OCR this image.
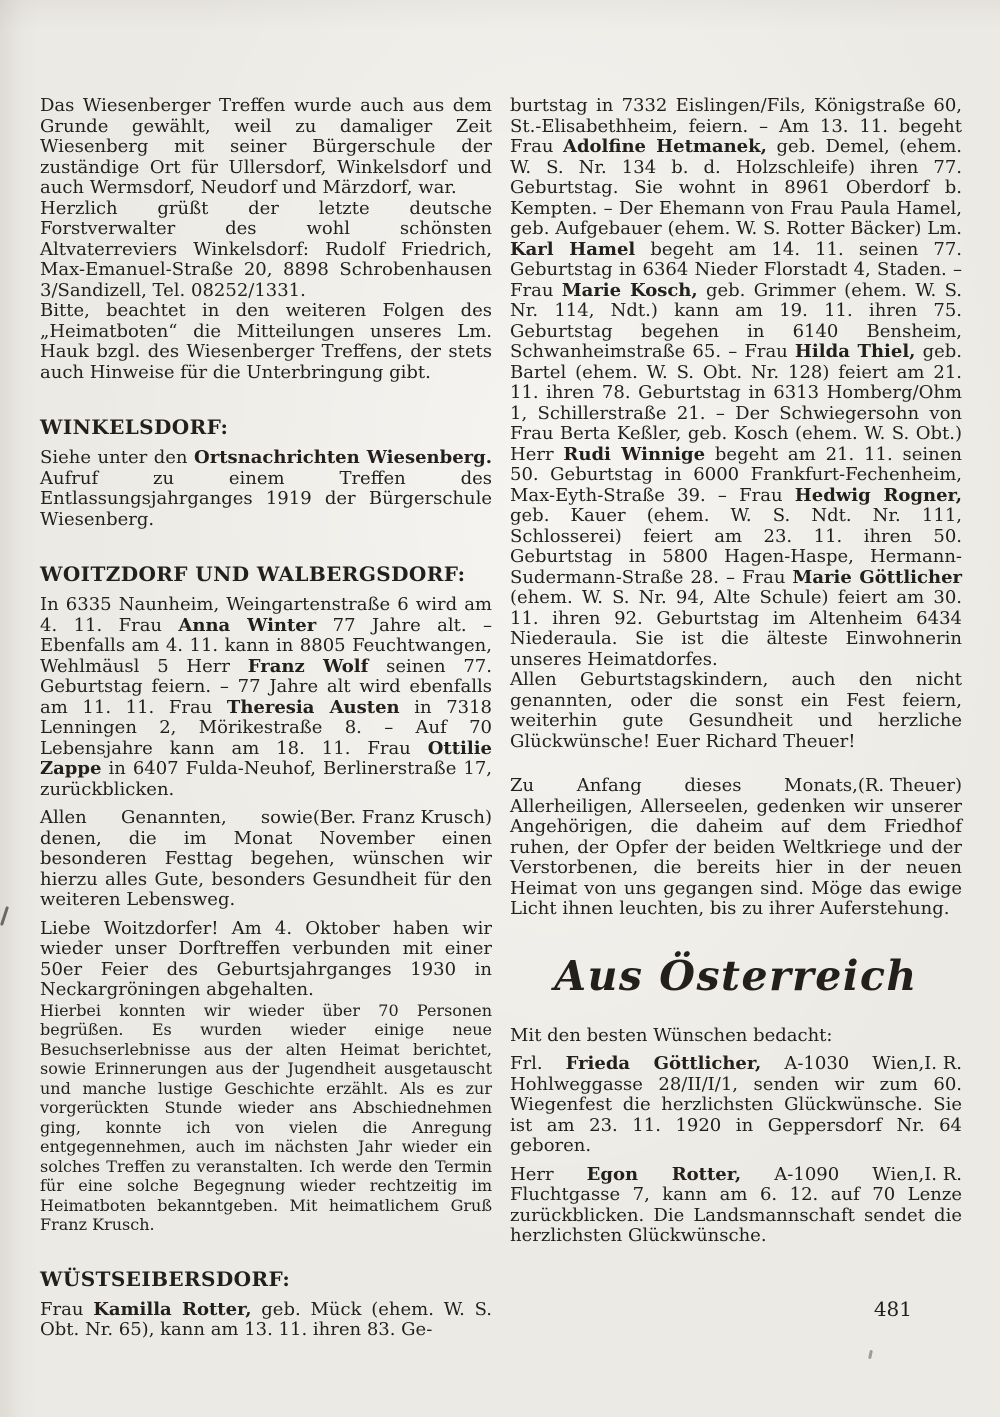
Das Wiesenberger Treffen wurde auch aus dem Grunde gewählt, weil zu damaliger Zeit Wiesenberg mit seiner Bürgerschule der zuständige Ort für Ullersdorf, Winkelsdorf und auch Wermsdorf, Neudorf und Märzdorf, war.

Herzlich grüßt der letzte deutsche Forstverwalter des wohl schönsten Altvaterreviers Winkelsdorf: Rudolf Friedrich, Max-Emanuel-Straße 20, 8898 Schrobenhausen 3/Sandizell, Tel. 08252/1331.

Bitte, beachtet in den weiteren Folgen des „Heimatboten“ die Mitteilungen unseres Lm. Hauk bzgl. des Wiesenberger Treffens, der stets auch Hinweise für die Unterbringung gibt.

WINKELSDORF:

Siehe unter den Ortsnachrichten Wiesenberg. Aufruf zu einem Treffen des Entlassungsjahrganges 1919 der Bürgerschule Wiesenberg.

WOITZDORF UND WALBERGSDORF:

In 6335 Naunheim, Weingartenstraße 6 wird am 4. 11. Frau Anna Winter 77 Jahre alt. – Ebenfalls am 4. 11. kann in 8805 Feuchtwangen, Wehlmäusl 5 Herr Franz Wolf seinen 77. Geburtstag feiern. – 77 Jahre alt wird ebenfalls am 11. 11. Frau Theresia Austen in 7318 Lenningen 2, Mörikestraße 8. – Auf 70 Lebensjahre kann am 18. 11. Frau Ottilie Zappe in 6407 Fulda-Neuhof, Berlinerstraße 17, zurückblicken.

(Ber. Franz Krusch)
Allen Genannten, sowie denen, die im Monat November einen besonderen Festtag begehen, wünschen wir hierzu alles Gute, besonders Gesundheit für den weiteren Lebensweg.

Liebe Woitzdorfer! Am 4. Oktober haben wir wieder unser Dorftreffen verbunden mit einer 50er Feier des Geburtsjahrganges 1930 in Neckargröningen abgehalten.

Hierbei konnten wir wieder über 70 Personen begrüßen. Es wurden wieder einige neue Besuchserlebnisse aus der alten Heimat berichtet, sowie Erinnerungen aus der Jugendheit ausgetauscht und manche lustige Geschichte erzählt. Als es zur vorgerückten Stunde wieder ans Abschiednehmen ging, konnte ich von vielen die Anregung entgegennehmen, auch im nächsten Jahr wieder ein solches Treffen zu veranstalten. Ich werde den Termin für eine solche Begegnung wieder rechtzeitig im Heimatboten bekanntgeben. Mit heimatlichem Gruß Franz Krusch.

WÜSTSEIBERSDORF:

Frau Kamilla Rotter, geb. Mück (ehem. W. S. Obt. Nr. 65), kann am 13. 11. ihren 83. Ge-

burtstag in 7332 Eislingen/Fils, Königstraße 60, St.-Elisabethheim, feiern. – Am 13. 11. begeht Frau Adolfine Hetmanek, geb. Demel, (ehem. W. S. Nr. 134 b. d. Holzschleife) ihren 77. Geburtstag. Sie wohnt in 8961 Oberdorf b. Kempten. – Der Ehemann von Frau Paula Hamel, geb. Aufgebauer (ehem. W. S. Rotter Bäcker) Lm. Karl Hamel begeht am 14. 11. seinen 77. Geburtstag in 6364 Nieder Florstadt 4, Staden. – Frau Marie Kosch, geb. Grimmer (ehem. W. S. Nr. 114, Ndt.) kann am 19. 11. ihren 75. Geburtstag begehen in 6140 Bensheim, Schwanheimstraße 65. – Frau Hilda Thiel, geb. Bartel (ehem. W. S. Obt. Nr. 128) feiert am 21. 11. ihren 78. Geburtstag in 6313 Homberg/Ohm 1, Schillerstraße 21. – Der Schwiegersohn von Frau Berta Keßler, geb. Kosch (ehem. W. S. Obt.) Herr Rudi Winnige begeht am 21. 11. seinen 50. Geburtstag in 6000 Frankfurt-Fechenheim, Max-Eyth-Straße 39. – Frau Hedwig Rogner, geb. Kauer (ehem. W. S. Ndt. Nr. 111, Schlosserei) feiert am 23. 11. ihren 50. Geburtstag in 5800 Hagen-Haspe, Hermann-Sudermann-Straße 28. – Frau Marie Göttlicher (ehem. W. S. Nr. 94, Alte Schule) feiert am 30. 11. ihren 92. Geburtstag im Altenheim 6434 Niederaula. Sie ist die älteste Einwohnerin unseres Heimatdorfes.

Allen Geburtstagskindern, auch den nicht genannten, oder die sonst ein Fest feiern, weiterhin gute Gesundheit und herzliche Glückwünsche! Euer Richard Theuer!

(R. Theuer)
Zu Anfang dieses Monats, Allerheiligen, Allerseelen, gedenken wir unserer Angehörigen, die daheim auf dem Friedhof ruhen, der Opfer der beiden Weltkriege und der Verstorbenen, die bereits hier in der neuen Heimat von uns gegangen sind. Möge das ewige Licht ihnen leuchten, bis zu ihrer Auferstehung.

Aus Österreich

Mit den besten Wünschen bedacht:

I. R.
Frl. Frieda Göttlicher, A-1030 Wien, Hohlweggasse 28/II/I/1, senden wir zum 60. Wiegenfest die herzlichsten Glückwünsche. Sie ist am 23. 11. 1920 in Geppersdorf Nr. 64 geboren.

I. R.
Herr Egon Rotter, A-1090 Wien, Fluchtgasse 7, kann am 6. 12. auf 70 Lenze zurückblicken. Die Landsmannschaft sendet die herzlichsten Glückwünsche.

481
